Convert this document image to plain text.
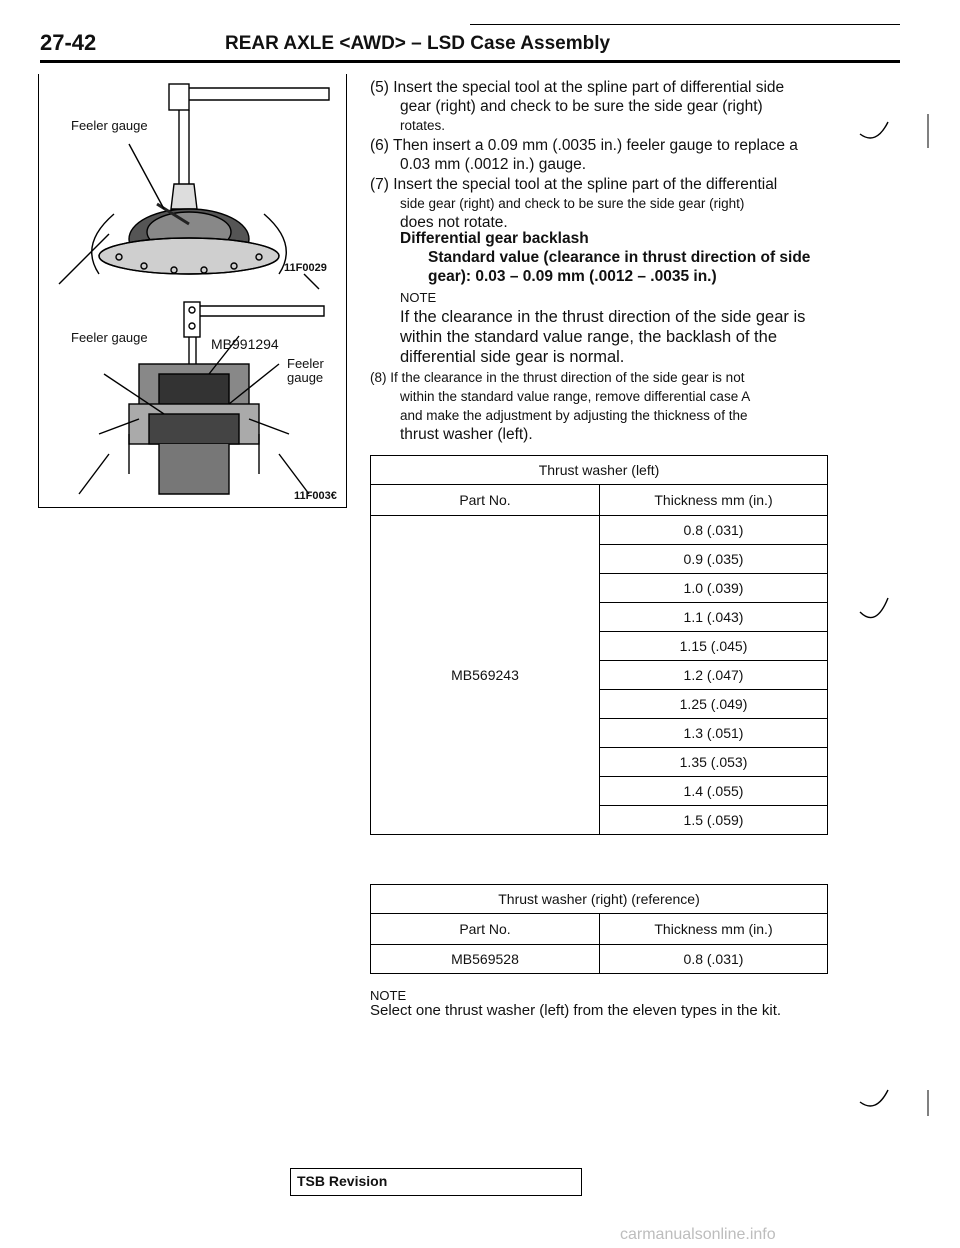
27-42	REAR AXLE <AWD> – LSD Case Assembly
Feeler gauge
11F0029
Feeler gauge	MB991294
Feeler
gauge
11F003€

(5) Insert the special tool at the spline part of differential side

gear (right) and check to be sure the side gear (right)

rotates.

(6) Then insert a 0.09 mm (.0035 in.) feeler gauge to replace a

0.03 mm (.0012 in.) gauge.

(7) Insert the special tool at the spline part of the differential

side gear (right) and check to be sure the side gear (right)

does not rotate.

Differential gear backlash

Standard value (clearance in thrust direction of side

gear): 0.03 – 0.09 mm (.0012 – .0035 in.)

NOTE

If the clearance in the thrust direction of the side gear is

within the standard value range, the backlash of the

differential side gear is normal.

(8) If the clearance in the thrust direction of the side gear is not

within the standard value range, remove differential case A

and make the adjustment by adjusting the thickness of the

thrust washer (left).

Thrust washer (left)	
Part No.	Thickness mm (in.)
MB569243	0.8 (.031)
	0.9 (.035)
	1.0 (.039)
	1.1 (.043)
	1.15 (.045)
	1.2 (.047)
	1.25 (.049)
	1.3 (.051)
	1.35 (.053)
	1.4 (.055)
	1.5 (.059)
Thrust washer (right) (reference)	
Part No.	Thickness mm (in.)
MB569528	0.8 (.031)
NOTE
Select one thrust washer (left) from the eleven types in the kit.
TSB Revision
carmanualsonline.info
